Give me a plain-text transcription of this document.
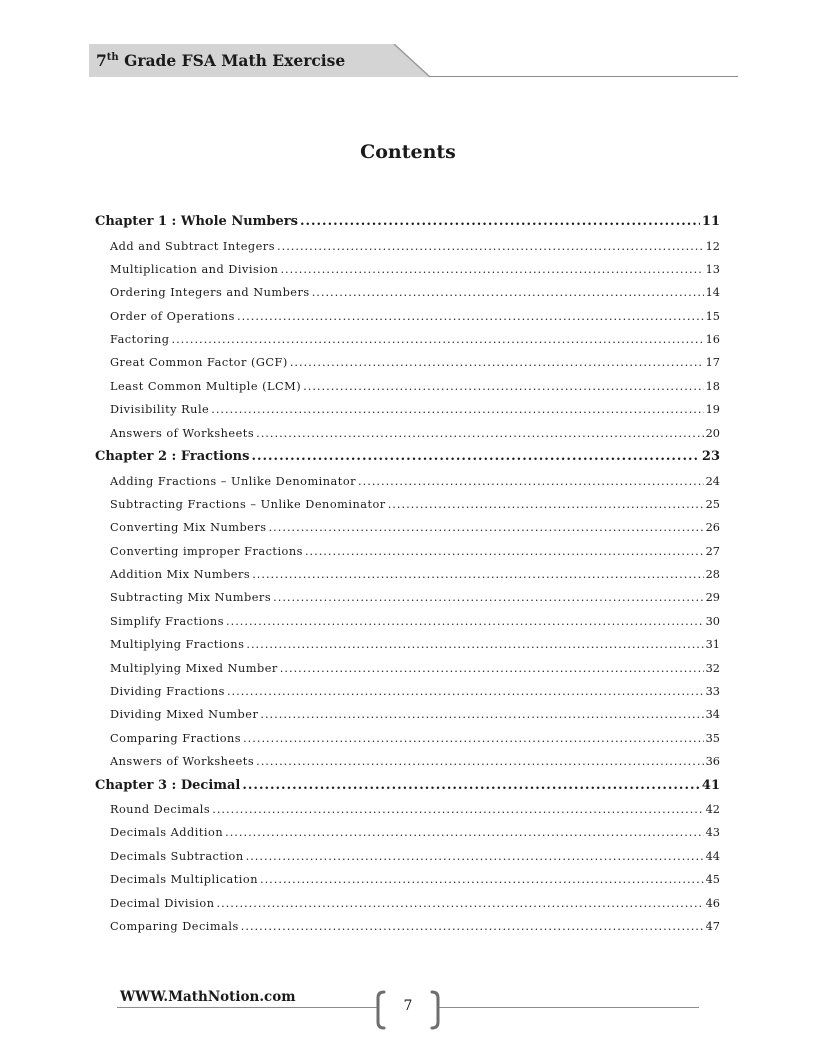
7th Grade FSA Math Exercise
Contents
Chapter 1 : Whole Numbers .....	11
Add and Subtract Integers .....	12
Multiplication and Division .....	13
Ordering Integers and Numbers .....	14
Order of Operations .....	15
Factoring .....	16
Great Common Factor (GCF) .....	17
Least Common Multiple (LCM) .....	18
Divisibility Rule .....	19
Answers of Worksheets .....	20
Chapter 2 : Fractions .....	23
Adding Fractions – Unlike Denominator .....	24
Subtracting Fractions – Unlike Denominator .....	25
Converting Mix Numbers .....	26
Converting improper Fractions .....	27
Addition Mix Numbers .....	28
Subtracting Mix Numbers .....	29
Simplify Fractions .....	30
Multiplying Fractions .....	31
Multiplying Mixed Number .....	32
Dividing Fractions .....	33
Dividing Mixed Number .....	34
Comparing Fractions .....	35
Answers of Worksheets .....	36
Chapter 3 : Decimal .....	41
Round Decimals .....	42
Decimals Addition .....	43
Decimals Subtraction .....	44
Decimals Multiplication .....	45
Decimal Division .....	46
Comparing Decimals .....	47
WWW.MathNotion.com
7
